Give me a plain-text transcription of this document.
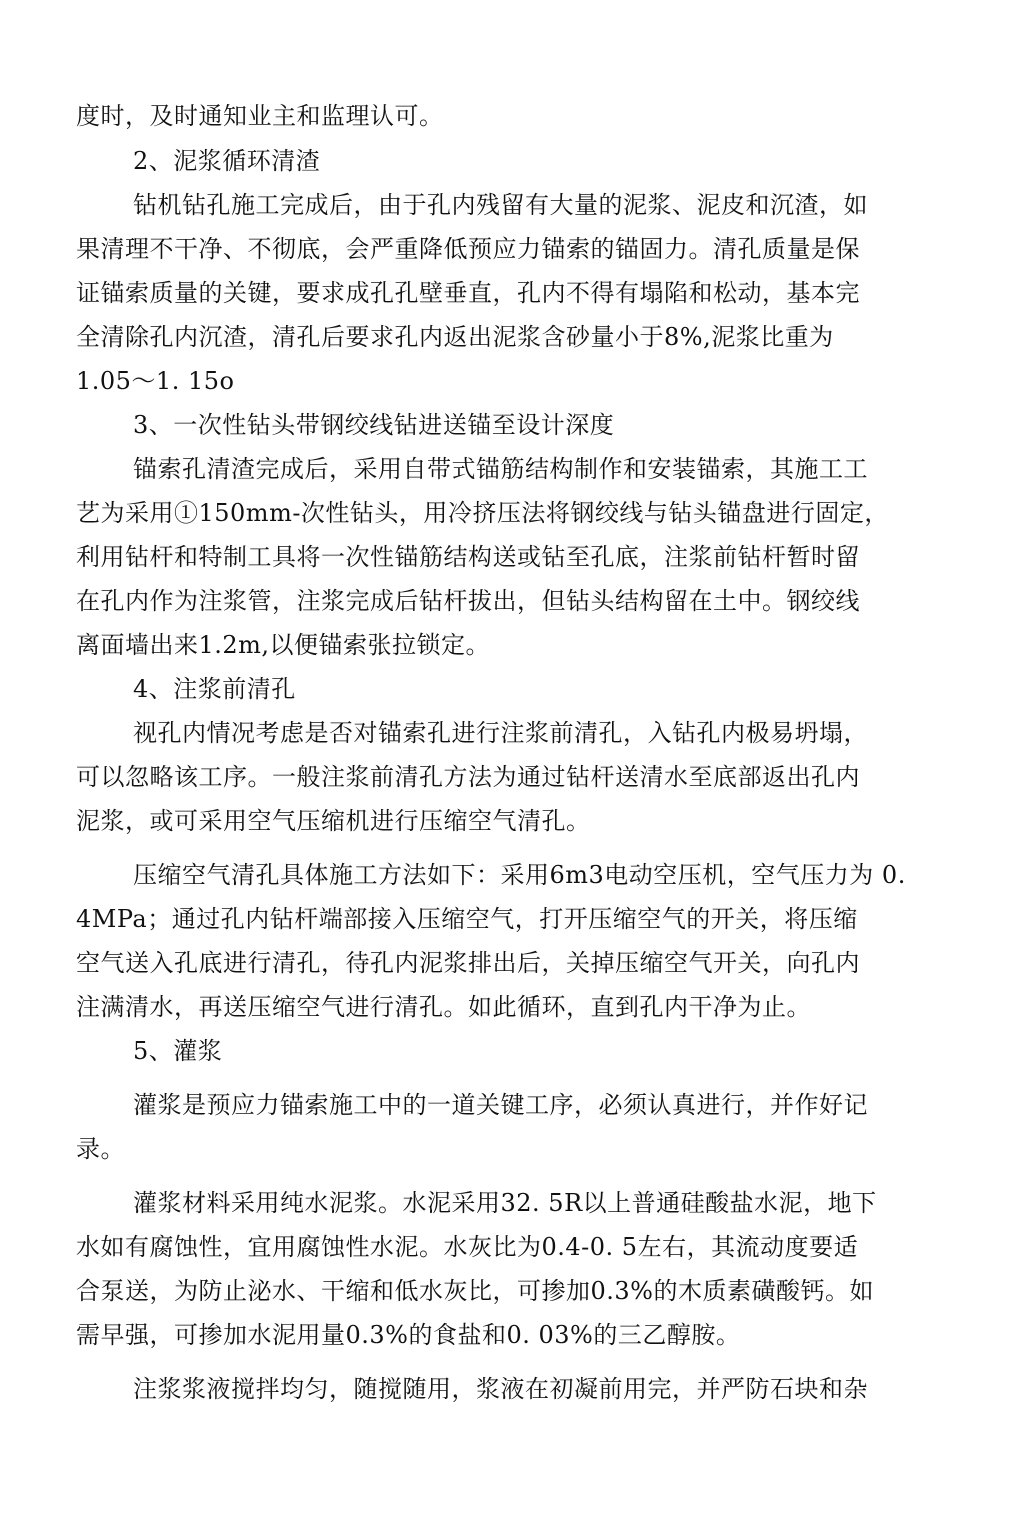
度时，及时通知业主和监理认可。
2、泥浆循环清渣
钻机钻孔施工完成后，由于孔内残留有大量的泥浆、泥皮和沉渣，如
果清理不干净、不彻底，会严重降低预应力锚索的锚固力。清孔质量是保
证锚索质量的关键，要求成孔孔壁垂直，孔内不得有塌陷和松动，基本完
全清除孔内沉渣，清孔后要求孔内返出泥浆含砂量小于8%,泥浆比重为
1.05～1. 15o
3、一次性钻头带钢绞线钻进送锚至设计深度
锚索孔清渣完成后，采用自带式锚筋结构制作和安装锚索，其施工工
艺为采用①150mm-次性钻头，用冷挤压法将钢绞线与钻头锚盘进行固定，
利用钻杆和特制工具将一次性锚筋结构送或钻至孔底，注浆前钻杆暂时留
在孔内作为注浆管，注浆完成后钻杆拔出，但钻头结构留在土中。钢绞线
离面墙出来1.2m,以便锚索张拉锁定。
4、注浆前清孔
视孔内情况考虑是否对锚索孔进行注浆前清孔，入钻孔内极易坍塌，
可以忽略该工序。一般注浆前清孔方法为通过钻杆送清水至底部返出孔内
泥浆，或可采用空气压缩机进行压缩空气清孔。
压缩空气清孔具体施工方法如下：采用6m3电动空压机，空气压力为 0.
4MPa；通过孔内钻杆端部接入压缩空气，打开压缩空气的开关，将压缩
空气送入孔底进行清孔，待孔内泥浆排出后，关掉压缩空气开关，向孔内
注满清水，再送压缩空气进行清孔。如此循环，直到孔内干净为止。
5、灌浆
灌浆是预应力锚索施工中的一道关键工序，必须认真进行，并作好记
录。
灌浆材料采用纯水泥浆。水泥采用32. 5R以上普通硅酸盐水泥，地下
水如有腐蚀性，宜用腐蚀性水泥。水灰比为0.4-0. 5左右，其流动度要适
合泵送，为防止泌水、干缩和低水灰比，可掺加0.3%的木质素磺酸钙。如
需早强，可掺加水泥用量0.3%的食盐和0. 03%的三乙醇胺。
注浆浆液搅拌均匀，随搅随用，浆液在初凝前用完，并严防石块和杂
